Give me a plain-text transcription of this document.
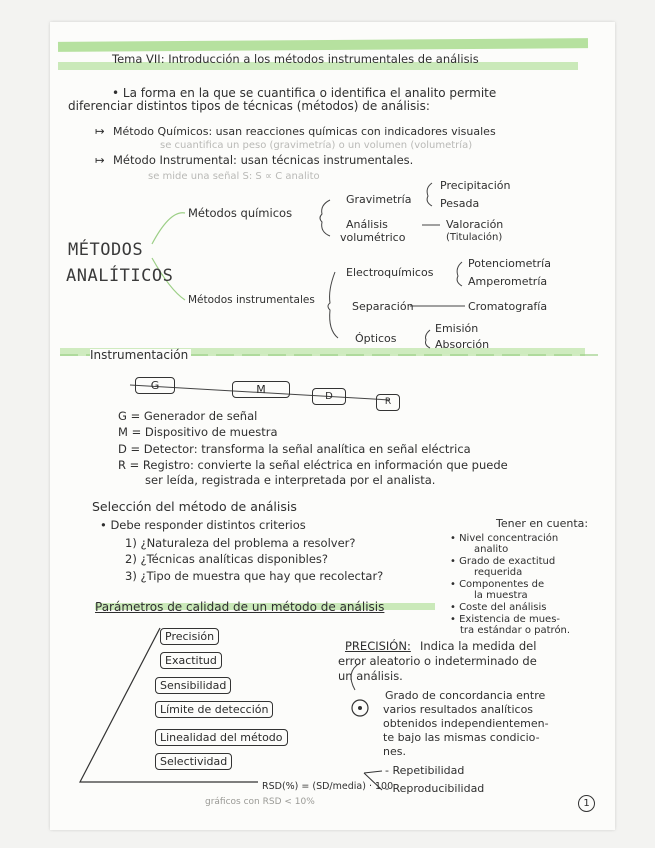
Tema VII: Introducción a los métodos instrumentales de análisis
• La forma en la que se cuantifica o identifica el analito permite
diferenciar distintos tipos de técnicas (métodos) de análisis:
↦ Método Químicos: usan reacciones químicas con indicadores visuales
se cuantifica un peso (gravimetría) o un volumen (volumetría)
↦ Método Instrumental: usan técnicas instrumentales.
se mide una señal S: S ∝ C analito
MÉTODOS
ANALÍTICOS
Métodos químicos
Métodos instrumentales
Gravimetría
Precipitación
Pesada
Análisis
volumétrico
Valoración
(Titulación)
Electroquímicos
Potenciometría
Amperometría
Separación	Cromatografía
Ópticos
Emisión
Absorción
Instrumentación
G	M
D	R
G = Generador de señal
M = Dispositivo de muestra
D = Detector: transforma la señal analítica en señal eléctrica
R = Registro: convierte la señal eléctrica en información que puede
ser leída, registrada e interpretada por el analista.
Selección del método de análisis
• Debe responder distintos criterios
1) ¿Naturaleza del problema a resolver?
2) ¿Técnicas analíticas disponibles?
3) ¿Tipo de muestra que hay que recolectar?
Tener en cuenta:
• Nivel concentración
analito
• Grado de exactitud
requerida
• Componentes de
la muestra
• Coste del análisis
• Existencia de mues-
tra estándar o patrón.
Parámetros de calidad de un método de análisis
Precisión
Exactitud
Sensibilidad
Límite de detección
Linealidad del método
Selectividad
PRECISIÓN: Indica la medida del
error aleatorio o indeterminado de
un análisis.
Grado de concordancia entre
varios resultados analíticos
obtenidos independientemen-
te bajo las mismas condicio-
nes.
- Repetibilidad
- Reproducibilidad
RSD(%) = (SD/media) · 100
gráficos con RSD < 10%	1
